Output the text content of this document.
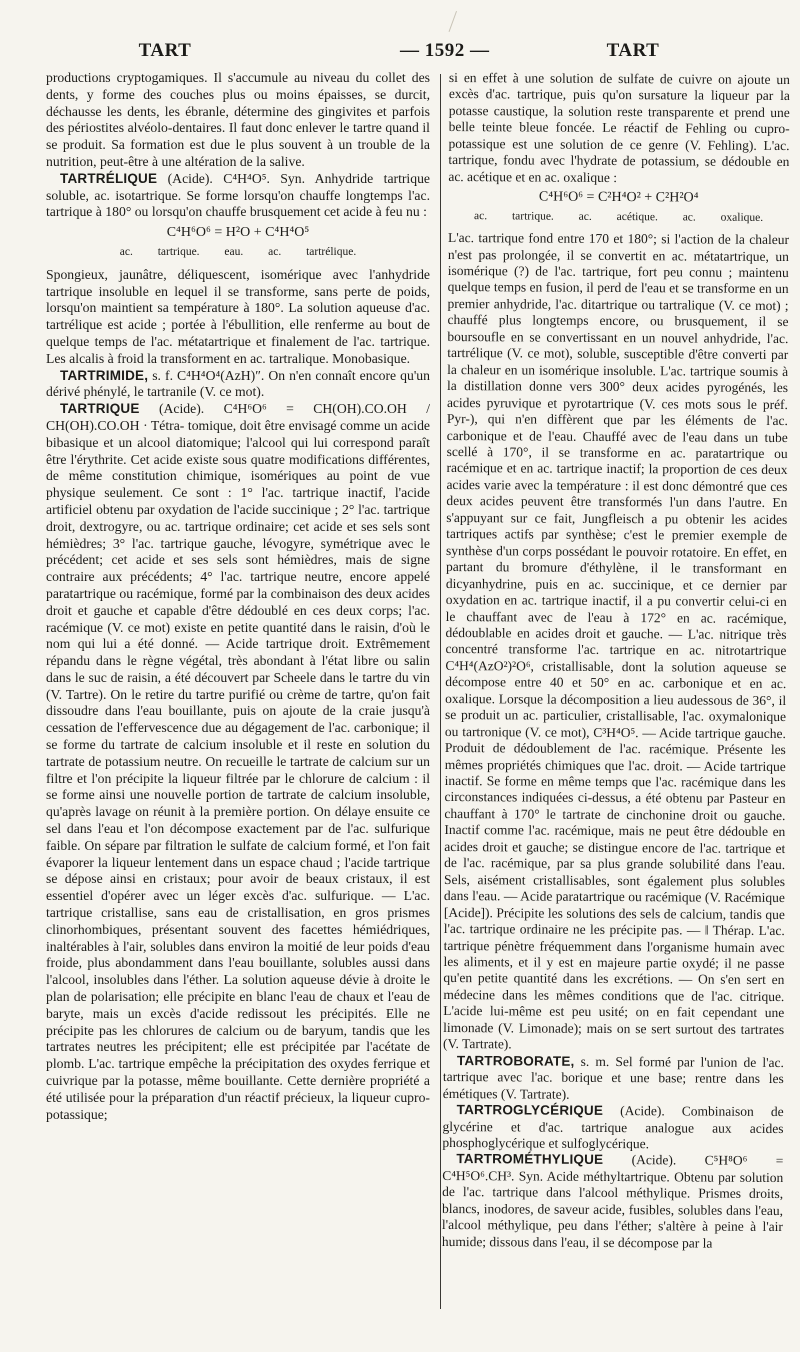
TART	— 1592 —	TART

productions cryptogamiques. Il s'accumule au niveau du collet des dents, y forme des couches plus ou moins épaisses, se durcit, déchausse les dents, les ébranle, détermine des gingivites et parfois des périostites alvéolo-dentaires. Il faut donc enlever le tartre quand il se produit. Sa formation est due le plus souvent à un trouble de la nutrition, peut-être à une altération de la salive.

TARTRÉLIQUE (Acide). C⁴H⁴O⁵. Syn. Anhydride tartrique soluble, ac. isotartrique. Se forme lorsqu'on chauffe longtemps l'ac. tartrique à 180° ou lorsqu'on chauffe brusquement cet acide à feu nu :

C⁴H⁶O⁶ = H²O + C⁴H⁴O⁵

ac. tartrique. eau. ac. tartrélique.

Spongieux, jaunâtre, déliquescent, isomérique avec l'anhydride tartrique insoluble en lequel il se transforme, sans perte de poids, lorsqu'on maintient sa température à 180°. La solution aqueuse d'ac. tartrélique est acide ; portée à l'ébullition, elle renferme au bout de quelque temps de l'ac. métatartrique et finalement de l'ac. tartrique. Les alcalis à froid la transforment en ac. tartralique. Monobasique.

TARTRIMIDE, s. f. C⁴H⁴O⁴(AzH)″. On n'en connaît encore qu'un dérivé phénylé, le tartranile (V. ce mot).

TARTRIQUE (Acide). C⁴H⁶O⁶ = CH(OH).CO.OH / CH(OH).CO.OH · Tétra- tomique, doit être envisagé comme un acide bibasique et un alcool diatomique; l'alcool qui lui correspond paraît être l'érythrite. Cet acide existe sous quatre modifications différentes, de même constitution chimique, isomériques au point de vue physique seulement. Ce sont : 1° l'ac. tartrique inactif, l'acide artificiel obtenu par oxydation de l'acide succinique ; 2° l'ac. tartrique droit, dextrogyre, ou ac. tartrique ordinaire; cet acide et ses sels sont hémièdres; 3° l'ac. tartrique gauche, lévogyre, symétrique avec le précédent; cet acide et ses sels sont hémièdres, mais de signe contraire aux précédents; 4° l'ac. tartrique neutre, encore appelé paratartrique ou racémique, formé par la combinaison des deux acides droit et gauche et capable d'être dédoublé en ces deux corps; l'ac. racémique (V. ce mot) existe en petite quantité dans le raisin, d'où le nom qui lui a été donné. — Acide tartrique droit. Extrêmement répandu dans le règne végétal, très abondant à l'état libre ou salin dans le suc de raisin, a été découvert par Scheele dans le tartre du vin (V. Tartre). On le retire du tartre purifié ou crème de tartre, qu'on fait dissoudre dans l'eau bouillante, puis on ajoute de la craie jusqu'à cessation de l'effervescence due au dégagement de l'ac. carbonique; il se forme du tartrate de calcium insoluble et il reste en solution du tartrate de potassium neutre. On recueille le tartrate de calcium sur un filtre et l'on précipite la liqueur filtrée par le chlorure de calcium : il se forme ainsi une nouvelle portion de tartrate de calcium insoluble, qu'après lavage on réunit à la première portion. On délaye ensuite ce sel dans l'eau et l'on décompose exactement par de l'ac. sulfurique faible. On sépare par filtration le sulfate de calcium formé, et l'on fait évaporer la liqueur lentement dans un espace chaud ; l'acide tartrique se dépose ainsi en cristaux; pour avoir de beaux cristaux, il est essentiel d'opérer avec un léger excès d'ac. sulfurique. — L'ac. tartrique cristallise, sans eau de cristallisation, en gros prismes clinorhombiques, présentant souvent des facettes hémiédriques, inaltérables à l'air, solubles dans environ la moitié de leur poids d'eau froide, plus abondamment dans l'eau bouillante, solubles aussi dans l'alcool, insolubles dans l'éther. La solution aqueuse dévie à droite le plan de polarisation; elle précipite en blanc l'eau de chaux et l'eau de baryte, mais un excès d'acide redissout les précipités. Elle ne précipite pas les chlorures de calcium ou de baryum, tandis que les tartrates neutres les précipitent; elle est précipitée par l'acétate de plomb. L'ac. tartrique empêche la précipitation des oxydes ferrique et cuivrique par la potasse, même bouillante. Cette dernière propriété a été utilisée pour la préparation d'un réactif précieux, la liqueur cupro-potassique;

si en effet à une solution de sulfate de cuivre on ajoute un excès d'ac. tartrique, puis qu'on sursature la liqueur par la potasse caustique, la solution reste transparente et prend une belle teinte bleue foncée. Le réactif de Fehling ou cupro-potassique est une solution de ce genre (V. Fehling). L'ac. tartrique, fondu avec l'hydrate de potassium, se dédouble en ac. acétique et en ac. oxalique :

C⁴H⁶O⁶ = C²H⁴O² + C²H²O⁴

ac. tartrique. ac. acétique. ac. oxalique.

L'ac. tartrique fond entre 170 et 180°; si l'action de la chaleur n'est pas prolongée, il se convertit en ac. métatartrique, un isomérique (?) de l'ac. tartrique, fort peu connu ; maintenu quelque temps en fusion, il perd de l'eau et se transforme en un premier anhydride, l'ac. ditartrique ou tartralique (V. ce mot) ; chauffé plus longtemps encore, ou brusquement, il se boursoufle en se convertissant en un nouvel anhydride, l'ac. tartrélique (V. ce mot), soluble, susceptible d'être converti par la chaleur en un isomérique insoluble. L'ac. tartrique soumis à la distillation donne vers 300° deux acides pyrogénés, les acides pyruvique et pyrotartrique (V. ces mots sous le préf. Pyr-), qui n'en diffèrent que par les éléments de l'ac. carbonique et de l'eau. Chauffé avec de l'eau dans un tube scellé à 170°, il se transforme en ac. paratartrique ou racémique et en ac. tartrique inactif; la proportion de ces deux acides varie avec la température : il est donc démontré que ces deux acides peuvent être transformés l'un dans l'autre. En s'appuyant sur ce fait, Jungfleisch a pu obtenir les acides tartriques actifs par synthèse; c'est le premier exemple de synthèse d'un corps possédant le pouvoir rotatoire. En effet, en partant du bromure d'éthylène, il le transformant en dicyanhydrine, puis en ac. succinique, et ce dernier par oxydation en ac. tartrique inactif, il a pu convertir celui-ci en le chauffant avec de l'eau à 172° en ac. racémique, dédoublable en acides droit et gauche. — L'ac. nitrique très concentré transforme l'ac. tartrique en ac. nitrotartrique C⁴H⁴(AzO²)²O⁶, cristallisable, dont la solution aqueuse se décompose entre 40 et 50° en ac. carbonique et en ac. oxalique. Lorsque la décomposition a lieu audessous de 36°, il se produit un ac. particulier, cristallisable, l'ac. oxymalonique ou tartronique (V. ce mot), C³H⁴O⁵. — Acide tartrique gauche. Produit de dédoublement de l'ac. racémique. Présente les mêmes propriétés chimiques que l'ac. droit. — Acide tartrique inactif. Se forme en même temps que l'ac. racémique dans les circonstances indiquées ci-dessus, a été obtenu par Pasteur en chauffant à 170° le tartrate de cinchonine droit ou gauche. Inactif comme l'ac. racémique, mais ne peut être dédouble en acides droit et gauche; se distingue encore de l'ac. tartrique et de l'ac. racémique, par sa plus grande solubilité dans l'eau. Sels, aisément cristallisables, sont également plus solubles dans l'eau. — Acide paratartrique ou racémique (V. Racémique [Acide]). Précipite les solutions des sels de calcium, tandis que l'ac. tartrique ordinaire ne les précipite pas. — ‖ Thérap. L'ac. tartrique pénètre fréquemment dans l'organisme humain avec les aliments, et il y est en majeure partie oxydé; il ne passe qu'en petite quantité dans les excrétions. — On s'en sert en médecine dans les mêmes conditions que de l'ac. citrique. L'acide lui-même est peu usité; on en fait cependant une limonade (V. Limonade); mais on se sert surtout des tartrates (V. Tartrate).

TARTROBORATE, s. m. Sel formé par l'union de l'ac. tartrique avec l'ac. borique et une base; rentre dans les émétiques (V. Tartrate).

TARTROGLYCÉRIQUE (Acide). Combinaison de glycérine et d'ac. tartrique analogue aux acides phosphoglycérique et sulfoglycérique.

TARTROMÉTHYLIQUE (Acide). C⁵H⁸O⁶ = C⁴H⁵O⁶.CH³. Syn. Acide méthyltartrique. Obtenu par solution de l'ac. tartrique dans l'alcool méthylique. Prismes droits, blancs, inodores, de saveur acide, fusibles, solubles dans l'eau, l'alcool méthylique, peu dans l'éther; s'altère à peine à l'air humide; dissous dans l'eau, il se décompose par la
